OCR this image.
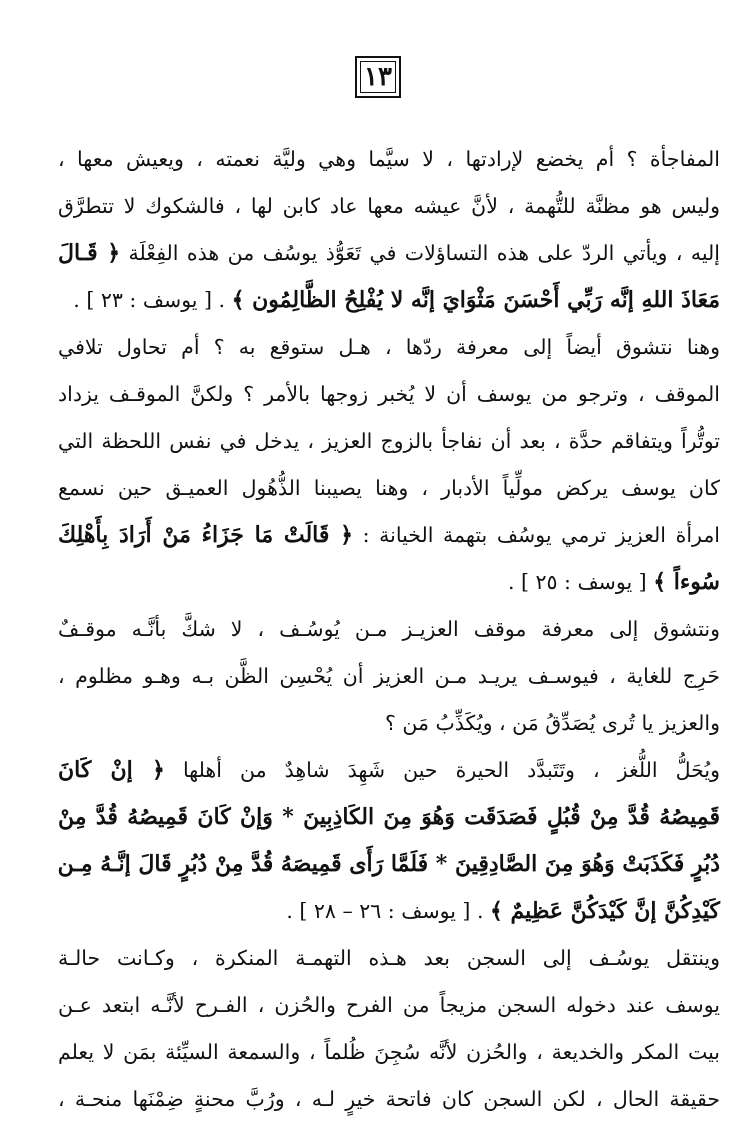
١٣
المفاجأة ؟ أم يخضع لإرادتها ، لا سيَّما وهي وليَّة نعمته ، ويعيش معها ،
وليس هو مظنَّة للتُّهمة ، لأنَّ عيشه معها عاد كابن لها ، فالشكوك لا تتطرَّق
إليه ، ويأتي الردّ على هذه التساؤلات في تَعَوُّذ يوسُف من هذه الفِعْلَة ﴿ قَـالَ
مَعَاذَ اللهِ إنَّه رَبِّي أَحْسَنَ مَثْوَايَ إنَّه لا يُفْلِحُ الظَّالِمُون ﴾ . [ يوسف : ٢٣ ] .
وهنا نتشوق أيضاً إلى معرفة ردّها ، هـل ستوقع به ؟ أم تحاول تلافي
الموقف ، وترجو من يوسف أن لا يُخبر زوجها بالأمر ؟ ولكنَّ الموقـف يزداد
توتُّراً ويتفاقم حدَّة ، بعد أن نفاجأ بالزوج العزيز ، يدخل في نفس اللحظة التي
كان يوسف يركض مولِّياً الأدبار ، وهنا يصيبنا الذُّهُول العميـق حين نسمع
امرأة العزيز ترمي يوسُف بتهمة الخيانة : ﴿ قَالَتْ مَا جَزَاءُ مَنْ أَرَادَ بِأَهْلِكَ
سُوءاً ﴾ [ يوسف : ٢٥ ] .
ونتشوق إلى معرفة موقف العزيـز مـن يُوسُـف ، لا شكَّ بأنَّـه موقـفٌ
حَرِج للغاية ، فيوسـف يريـد مـن العزيز أن يُحْسِن الظَّن بـه وهـو مظلوم ،
والعزيز يا تُرى يُصَدِّقُ مَن ، ويُكَذِّبُ مَن ؟
ويُحَلُّ اللُّغز ، وتَتَبدَّد الحيرة حين شَهِدَ شاهِدٌ من أهلها ﴿ إنْ كَانَ
قَمِيصُهُ قُدَّ مِنْ قُبُلٍ فَصَدَقَت وَهُوَ مِنَ الكَاذِبِينَ * وَإنْ كَانَ قَمِيصُهُ قُدَّ مِنْ
دُبُرٍ فَكَذَبَتْ وَهُوَ مِنَ الصَّادِقِينَ * فَلَمَّا رَأَى قَمِيصَهُ قُدَّ مِنْ دُبُرٍ قَالَ إنَّـهُ مِـن
كَيْدِكُنَّ إنَّ كَيْدَكُنَّ عَظِيمٌ ﴾ . [ يوسف : ٢٦ – ٢٨ ] .
وينتقل يوسُـف إلى السجن بعد هـذه التهمـة المنكرة ، وكـانت حالـة
يوسف عند دخوله السجن مزيجاً من الفرح والحُزن ، الفـرح لأنَّـه ابتعد عـن
بيت المكر والخديعة ، والحُزن لأنَّه سُجِنَ ظُلماً ، والسمعة السيِّئة بمَن لا يعلم
حقيقة الحال ، لكن السجن كان فاتحة خيرٍ لـه ، ورُبَّ محنةٍ ضِمْنَها منحـة ،
